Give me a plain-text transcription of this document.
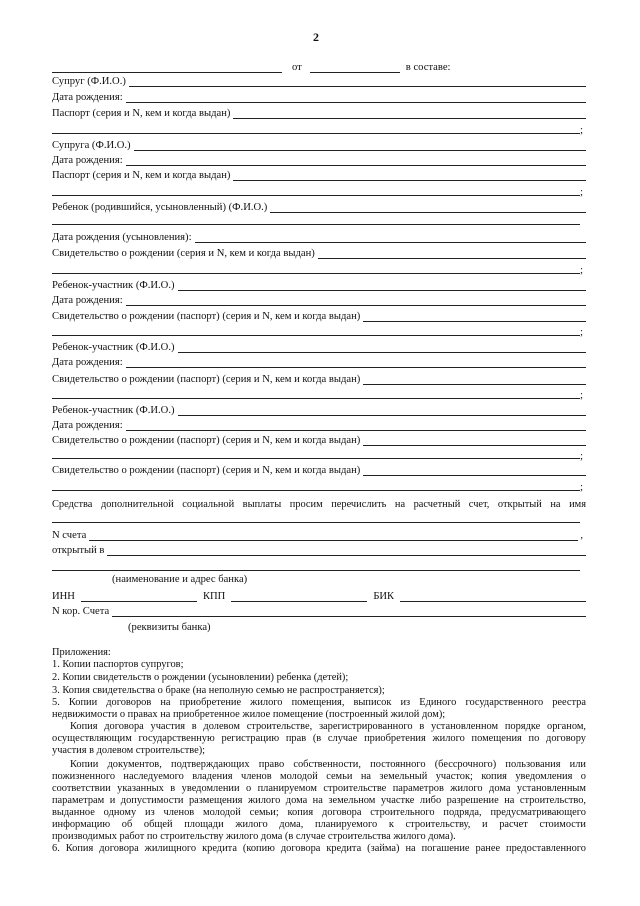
2
от	в составе:
Супруг (Ф.И.О.)
Дата рождения:
Паспорт (серия и N, кем и когда выдан)
;
Супруга (Ф.И.О.)
Дата рождения:
Паспорт (серия и N, кем и когда выдан)
;
Ребенок (родившийся, усыновленный) (Ф.И.О.)
Дата рождения (усыновления):
Свидетельство о рождении (серия и N, кем и когда выдан)
;
Ребенок-участник (Ф.И.О.)
Дата рождения:
Свидетельство о рождении (паспорт) (серия и N, кем и когда выдан)
;
Ребенок-участник (Ф.И.О.)
Дата рождения:
Свидетельство о рождении (паспорт) (серия и N, кем и когда выдан)
;
Ребенок-участник (Ф.И.О.)
Дата рождения:
Свидетельство о рождении (паспорт) (серия и N, кем и когда выдан)
;
Свидетельство о рождении (паспорт) (серия и N, кем и когда выдан)
;
Средства дополнительной социальной выплаты просим перечислить на расчетный счет, открытый на имя
N счета	,
открытый в
(наименование и адрес банка)
ИНН	КПП	БИК
N кор. Счета
(реквизиты банка)
Приложения:
1. Копии паспортов супругов;
2. Копии свидетельств о рождении (усыновлении) ребенка (детей);
3. Копия свидетельства о браке (на неполную семью не распространяется);
5. Копии договоров на приобретение жилого помещения, выписок из Единого государственного реестра
недвижимости о правах на приобретенное жилое помещение (построенный жилой дом);
Копия договора участия в долевом строительстве, зарегистрированного в установленном порядке органом,
осуществляющим государственную регистрацию прав (в случае приобретения жилого помещения по договору
участия в долевом строительстве);
Копии документов, подтверждающих право собственности, постоянного (бессрочного) пользования или
пожизненного наследуемого владения членов молодой семьи на земельный участок; копия уведомления о
соответствии указанных в уведомлении о планируемом строительстве параметров жилого дома установленным
параметрам и допустимости размещения жилого дома на земельном участке либо разрешение на строительство,
выданное одному из членов молодой семьи; копия договора строительного подряда, предусматривающего
информацию об общей площади жилого дома, планируемого к строительству, и расчет стоимости
производимых работ по строительству жилого дома (в случае строительства жилого дома).
6. Копия договора жилищного кредита (копию договора кредита (займа) на погашение ранее предоставленного
